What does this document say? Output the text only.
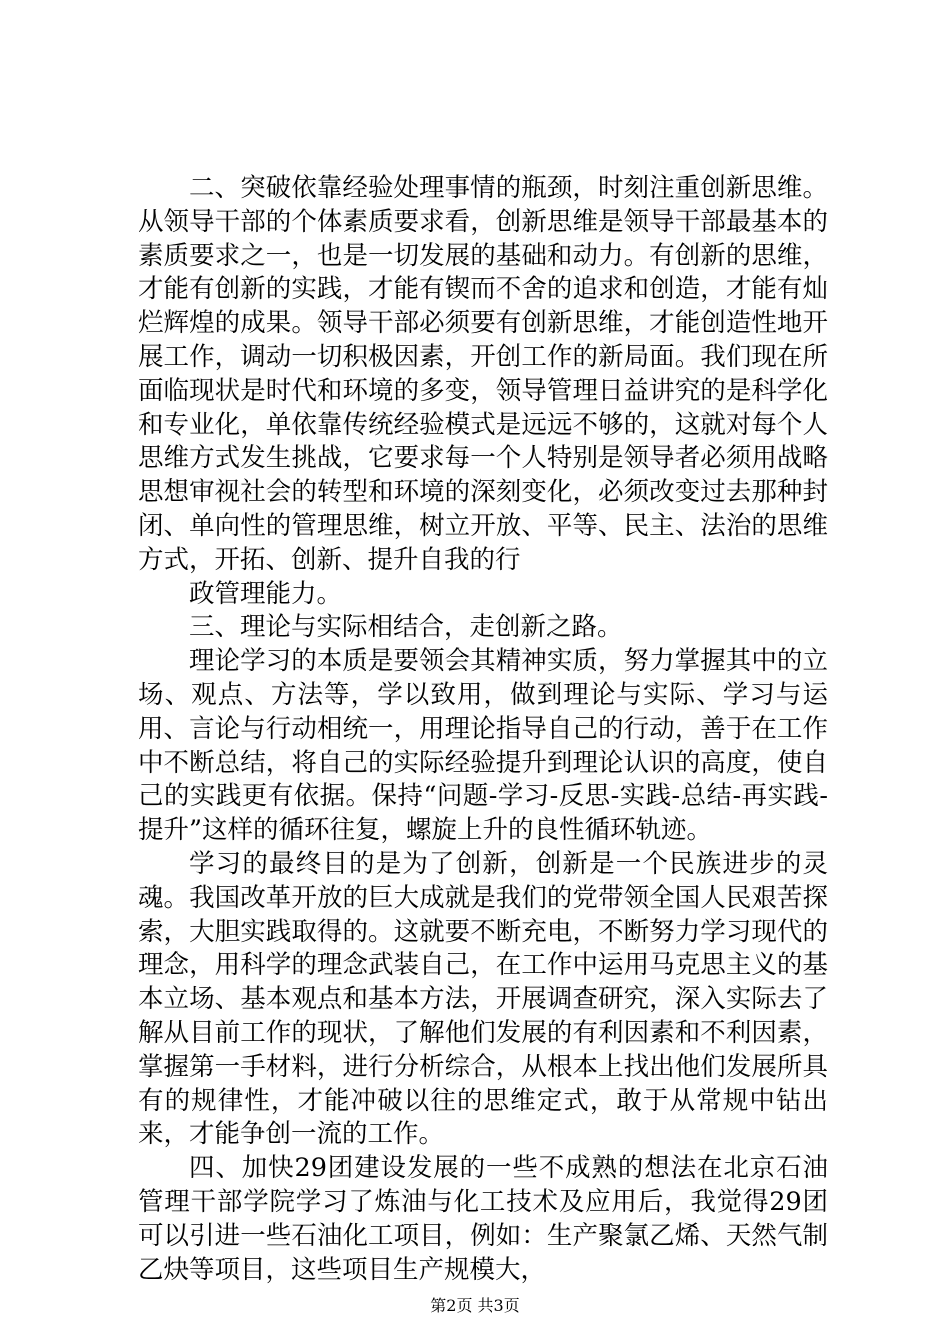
二、突破依靠经验处理事情的瓶颈，时刻注重创新思维。从领导干部的个体素质要求看，创新思维是领导干部最基本的素质要求之一，也是一切发展的基础和动力。有创新的思维，才能有创新的实践，才能有锲而不舍的追求和创造，才能有灿烂辉煌的成果。领导干部必须要有创新思维，才能创造性地开展工作，调动一切积极因素，开创工作的新局面。我们现在所面临现状是时代和环境的多变，领导管理日益讲究的是科学化和专业化，单依靠传统经验模式是远远不够的，这就对每个人思维方式发生挑战，它要求每一个人特别是领导者必须用战略思想审视社会的转型和环境的深刻变化，必须改变过去那种封闭、单向性的管理思维，树立开放、平等、民主、法治的思维方式，开拓、创新、提升自我的行

政管理能力。

三、理论与实际相结合，走创新之路。

理论学习的本质是要领会其精神实质，努力掌握其中的立场、观点、方法等，学以致用，做到理论与实际、学习与运用、言论与行动相统一，用理论指导自己的行动，善于在工作中不断总结，将自己的实际经验提升到理论认识的高度，使自己的实践更有依据。保持“问题-学习-反思-实践-总结-再实践-提升”这样的循环往复，螺旋上升的良性循环轨迹。

学习的最终目的是为了创新，创新是一个民族进步的灵魂。我国改革开放的巨大成就是我们的党带领全国人民艰苦探索，大胆实践取得的。这就要不断充电，不断努力学习现代的理念，用科学的理念武装自己，在工作中运用马克思主义的基本立场、基本观点和基本方法，开展调查研究，深入实际去了解从目前工作的现状，了解他们发展的有利因素和不利因素，掌握第一手材料，进行分析综合，从根本上找出他们发展所具有的规律性，才能冲破以往的思维定式，敢于从常规中钻出来，才能争创一流的工作。

四、加快29团建设发展的一些不成熟的想法在北京石油管理干部学院学习了炼油与化工技术及应用后，我觉得29团可以引进一些石油化工项目，例如：生产聚氯乙烯、天然气制乙炔等项目，这些项目生产规模大，

第2页 共3页
